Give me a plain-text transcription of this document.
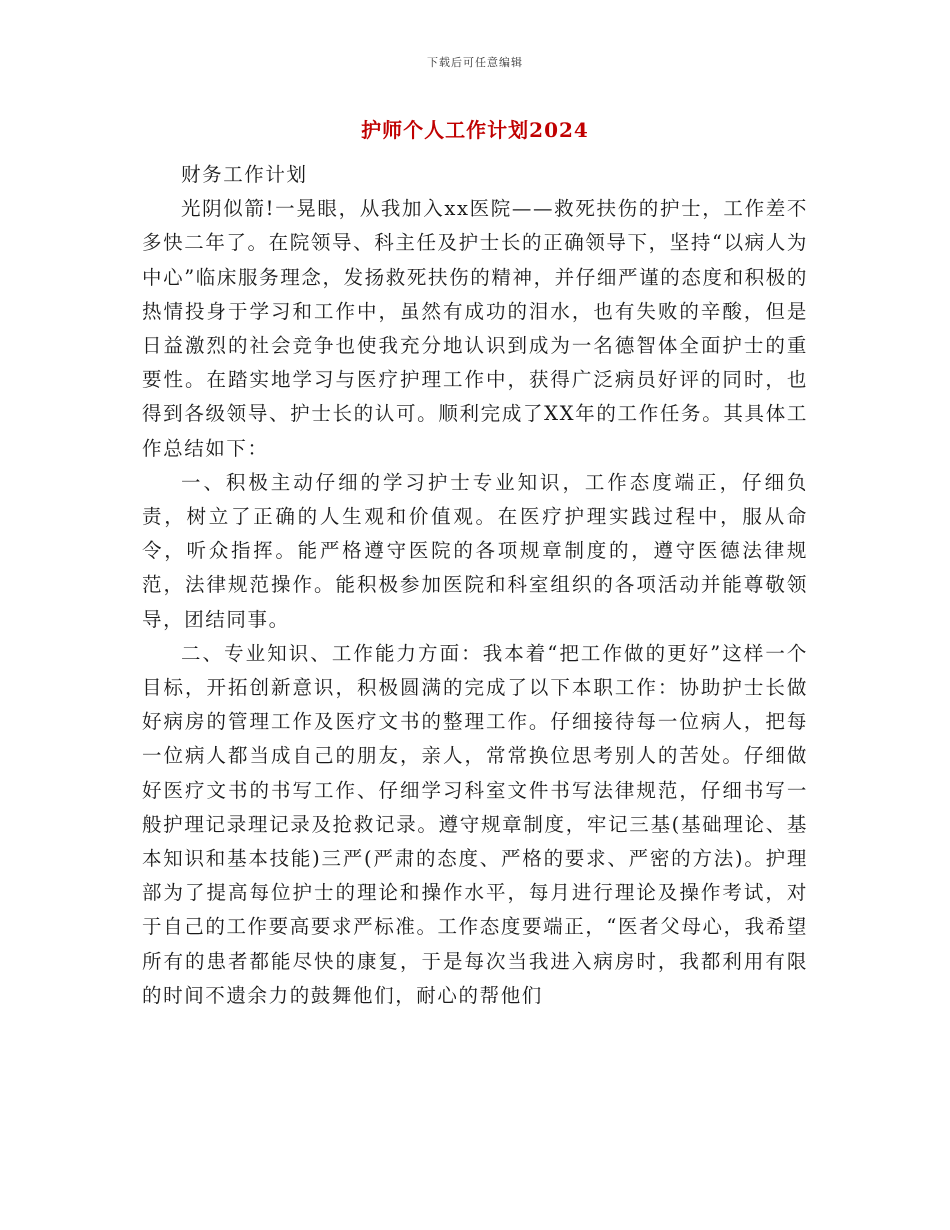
下载后可任意编辑
护师个人工作计划2024

财务工作计划

光阴似箭!一晃眼，从我加入xx医院——救死扶伤的护士，工作差不多快二年了。在院领导、科主任及护士长的正确领导下，坚持“以病人为中心”临床服务理念，发扬救死扶伤的精神，并仔细严谨的态度和积极的热情投身于学习和工作中，虽然有成功的泪水，也有失败的辛酸，但是日益激烈的社会竞争也使我充分地认识到成为一名德智体全面护士的重要性。在踏实地学习与医疗护理工作中，获得广泛病员好评的同时，也得到各级领导、护士长的认可。顺利完成了XX年的工作任务。其具体工作总结如下：

一、积极主动仔细的学习护士专业知识，工作态度端正，仔细负责，树立了正确的人生观和价值观。在医疗护理实践过程中，服从命令，听众指挥。能严格遵守医院的各项规章制度的，遵守医德法律规范，法律规范操作。能积极参加医院和科室组织的各项活动并能尊敬领导，团结同事。

二、专业知识、工作能力方面：我本着“把工作做的更好”这样一个目标，开拓创新意识，积极圆满的完成了以下本职工作：协助护士长做好病房的管理工作及医疗文书的整理工作。仔细接待每一位病人，把每一位病人都当成自己的朋友，亲人，常常换位思考别人的苦处。仔细做好医疗文书的书写工作、仔细学习科室文件书写法律规范，仔细书写一般护理记录理记录及抢救记录。遵守规章制度，牢记三基(基础理论、基本知识和基本技能)三严(严肃的态度、严格的要求、严密的方法)。护理部为了提高每位护士的理论和操作水平，每月进行理论及操作考试，对于自己的工作要高要求严标准。工作态度要端正，“医者父母心，我希望所有的患者都能尽快的康复，于是每次当我进入病房时，我都利用有限的时间不遗余力的鼓舞他们，耐心的帮他们
